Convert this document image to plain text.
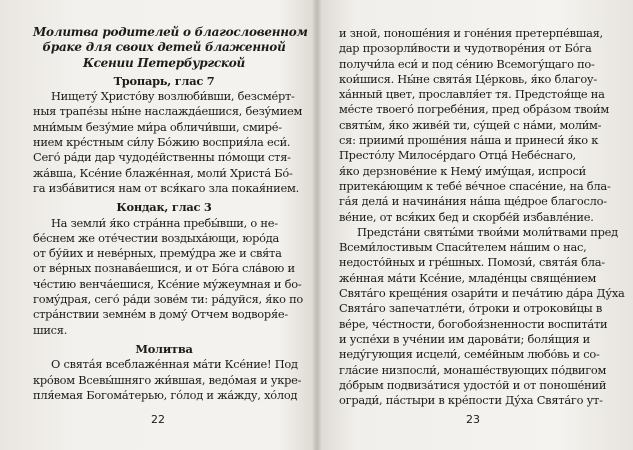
Молитва родителей о благословенном
браке для своих детей блаженной
Ксении Петербургской
Тропарь, глас 7
Нищету́ Христо́ву возлюби́вши, безсме́рт-
ныя трапе́зы ны́не наслажда́ешися, безу́мием
мни́мым безу́мие ми́ра обличи́вши, смире́-
нием кре́стным си́лу Бо́жию восприя́ла еси́.
Сего́ ра́ди дар чудоде́йственны по́мощи стя-
жа́вша, Ксе́ние блаже́нная, моли́ Христа́ Бо́-
га изба́витися нам от вся́каго зла покая́нием.
Кондак, глас 3
На земли́ я́ко стра́нна пребы́вши, о не-
бе́снем же оте́честии воздыха́ющи, юро́да
от бу́йих и неве́рных, премýдра же и свя́та
от ве́рных познава́ешися, и от Бо́га сла́вою и
че́стию венча́ешися, Ксе́ние му́жеумная и бо-
гому́драя, сего́ ра́ди зове́м ти: ра́дуйся, я́ко по
стра́нствии земне́м в дому́ Отчем водворя́е-
шися.
Молитва
О святáя всеблаже́нная ма́ти Ксе́ние! Под
кро́вом Всевы́шняго жи́вшая, ведо́мая и укре-
пля́емая Богома́терью, гóлод и жа́жду, хо́лод
22
и зной, поноше́ния и гоне́ния претерпе́вшая,
дар прозорли́вости и чудотворе́ния от Бо́га
получи́ла еси́ и под се́нию Всемогу́щаго по-
кои́шися. Ны́не свята́я Це́рковь, я́ко благоу-
ха́нный цвет, прославля́ет тя. Предстоя́ще на
ме́сте твоего́ погребе́ния, пред обра́зом твои́м
святы́м, я́ко живе́й ти, су́щей с на́ми, моли́м-
ся: приими́ проше́ния на́ша и принеси́ я́ко к
Престо́лу Милосе́рдаго Отца́ Небе́снаго,
я́ко дерзнове́ние к Нему́ иму́щая, испроси́
притека́ющим к тебе́ ве́чное спасе́ние, на бла-
га́я дела́ и начина́ния на́ша ще́дрое благосло-
ве́ние, от вся́ких бед и скорбе́й избавле́ние.
Предста́ни святы́ми твои́ми моли́твами пред
Всеми́лостивым Спаси́телем на́шим о нас,
недосто́йных и гре́шных. Помози́, свята́я бла-
же́нная ма́ти Ксе́ние, младе́нцы свяще́нием
Свята́го креще́ния озари́ти и печа́тию да́ра Ду́ха
Свята́го запечатле́ти, о́троки и отрокови́цы в
ве́ре, че́стности, богобоя́зненности воспита́ти
и успе́хи в уче́нии им дарова́ти; боля́щия и
неду́гующия исцели́, семе́йным любо́вь и со-
гла́сие низпосли́, монаше́ствующих по́двигом
до́брым подвиза́тися удосто́й и от поноше́ний
огради́, па́стыри в кре́пости Ду́ха Свята́го ут-
23
